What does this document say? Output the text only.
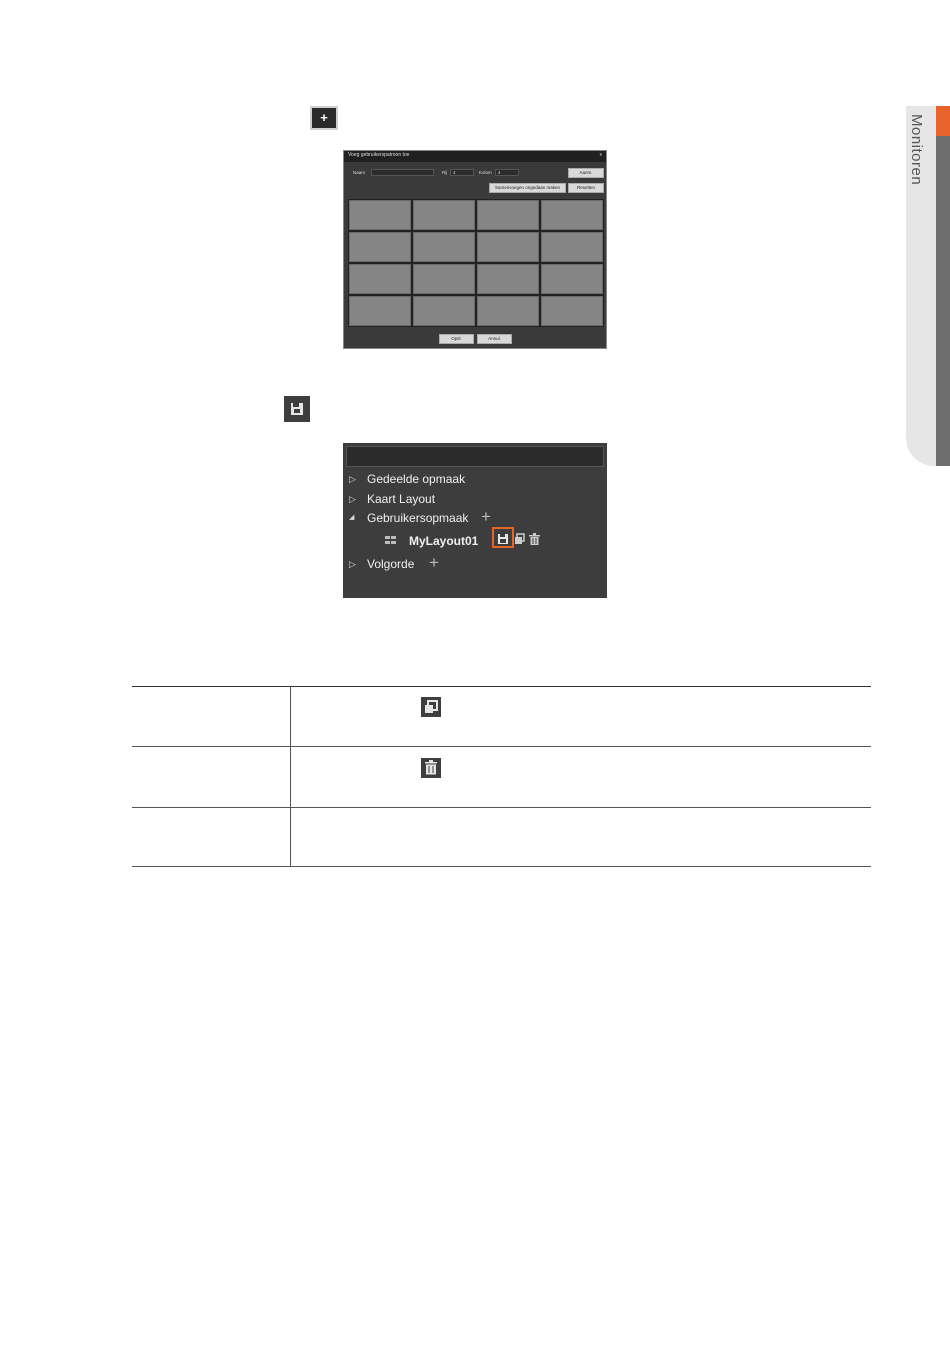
Monitoren
+
Voeg gebruikerspatroon toe	x
Naam	Rij	4	Kolom	4	Aanm.
Samenvoegen ongedaan maken	Resetten
Opsl.	Annul.
▷ Gedeelde opmaak
▷ Kaart Layout
◢ Gebruikersopmaak +
MyLayout01
▷ Volgorde +
